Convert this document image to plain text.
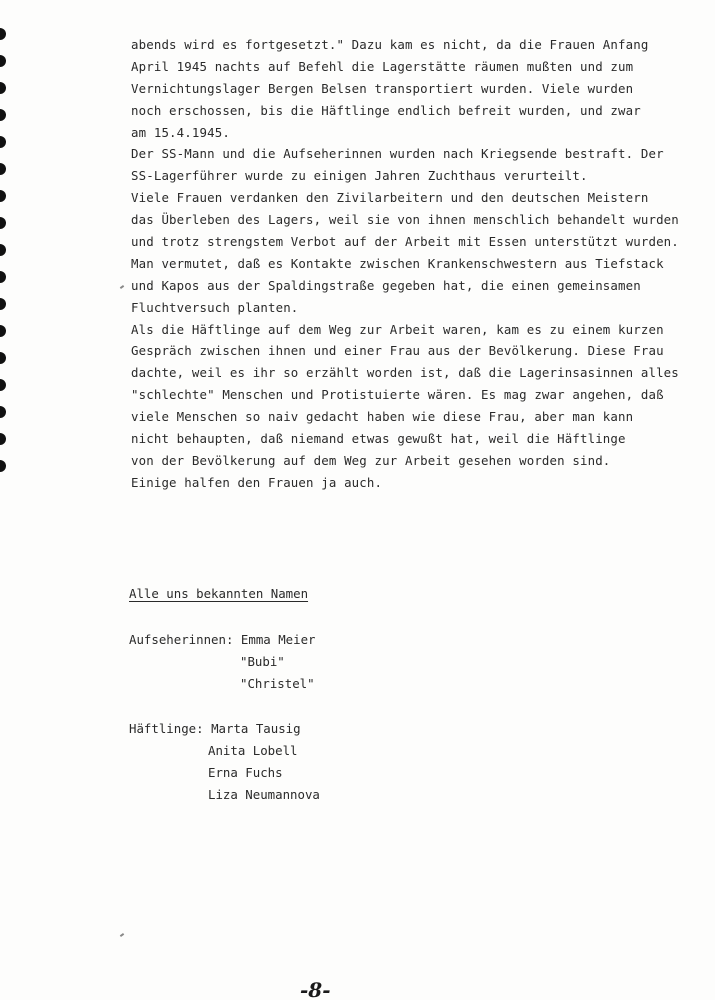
abends wird es fortgesetzt." Dazu kam es nicht, da die Frauen Anfang
April 1945 nachts auf Befehl die Lagerstätte räumen mußten und zum
Vernichtungslager Bergen Belsen transportiert wurden. Viele wurden
noch erschossen, bis die Häftlinge endlich befreit wurden, und zwar
am 15.4.1945.
Der SS-Mann und die Aufseherinnen wurden nach Kriegsende bestraft. Der
SS-Lagerführer wurde zu einigen Jahren Zuchthaus verurteilt.
Viele Frauen verdanken den Zivilarbeitern und den deutschen Meistern
das Überleben des Lagers, weil sie von ihnen menschlich behandelt wurden
und trotz strengstem Verbot auf der Arbeit mit Essen unterstützt wurden.
Man vermutet, daß es Kontakte zwischen Krankenschwestern aus Tiefstack
und Kapos aus der Spaldingstraße gegeben hat, die einen gemeinsamen
Fluchtversuch planten.
Als die Häftlinge auf dem Weg zur Arbeit waren, kam es zu einem kurzen
Gespräch zwischen ihnen und einer Frau aus der Bevölkerung. Diese Frau
dachte, weil es ihr so erzählt worden ist, daß die Lagerinsasinnen alles
"schlechte" Menschen und Protistuierte wären. Es mag zwar angehen, daß
viele Menschen so naiv gedacht haben wie diese Frau, aber man kann
nicht behaupten, daß niemand etwas gewußt hat, weil die Häftlinge
von der Bevölkerung auf dem Weg zur Arbeit gesehen worden sind.
Einige halfen den Frauen ja auch.
Alle uns bekannten Namen
Aufseherinnen: Emma Meier
"Bubi"
"Christel"
Häftlinge: Marta Tausig
Anita Lobell
Erna Fuchs
Liza Neumannova
-8-
